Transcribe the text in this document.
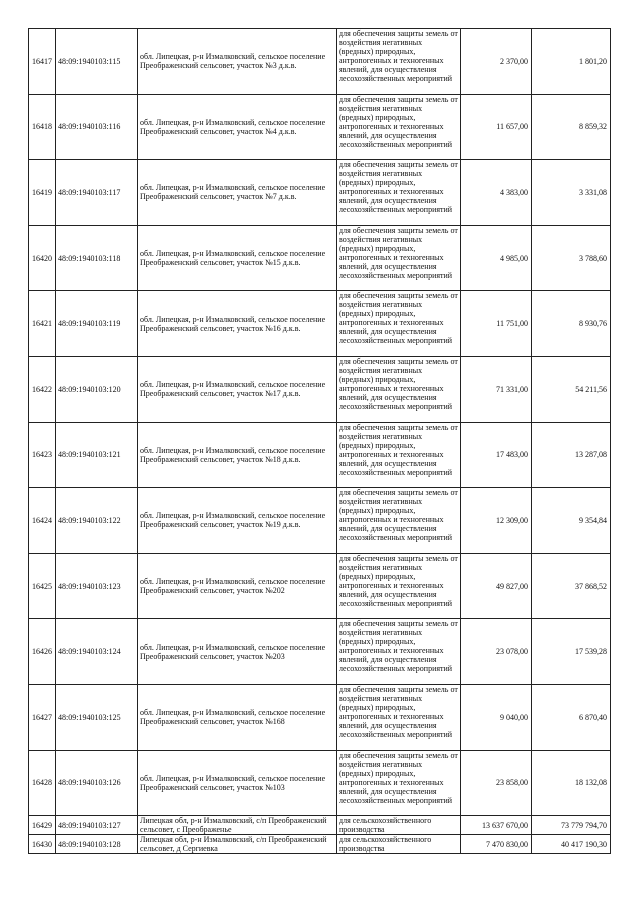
16417	48:09:1940103:115	обл. Липецкая, р-н Измалковский, сельское поселение Преображенский сельсовет, участок №3 д.к.в.	для обеспечения защиты земель от воздействия негативных (вредных) природных, антропогенных и техногенных явлений, для осуществления лесохозяйственных мероприятий	2 370,00	1 801,20
16418	48:09:1940103:116	обл. Липецкая, р-н Измалковский, сельское поселение Преображенский сельсовет, участок №4 д.к.в.	для обеспечения защиты земель от воздействия негативных (вредных) природных, антропогенных и техногенных явлений, для осуществления лесохозяйственных мероприятий	11 657,00	8 859,32
16419	48:09:1940103:117	обл. Липецкая, р-н Измалковский, сельское поселение Преображенский сельсовет, участок №7 д.к.в.	для обеспечения защиты земель от воздействия негативных (вредных) природных, антропогенных и техногенных явлений, для осуществления лесохозяйственных мероприятий	4 383,00	3 331,08
16420	48:09:1940103:118	обл. Липецкая, р-н Измалковский, сельское поселение Преображенский сельсовет, участок №15 д.к.в.	для обеспечения защиты земель от воздействия негативных (вредных) природных, антропогенных и техногенных явлений, для осуществления лесохозяйственных мероприятий	4 985,00	3 788,60
16421	48:09:1940103:119	обл. Липецкая, р-н Измалковский, сельское поселение Преображенский сельсовет, участок №16 д.к.в.	для обеспечения защиты земель от воздействия негативных (вредных) природных, антропогенных и техногенных явлений, для осуществления лесохозяйственных мероприятий	11 751,00	8 930,76
16422	48:09:1940103:120	обл. Липецкая, р-н Измалковский, сельское поселение Преображенский сельсовет, участок №17 д.к.в.	для обеспечения защиты земель от воздействия негативных (вредных) природных, антропогенных и техногенных явлений, для осуществления лесохозяйственных мероприятий	71 331,00	54 211,56
16423	48:09:1940103:121	обл. Липецкая, р-н Измалковский, сельское поселение Преображенский сельсовет, участок №18 д.к.в.	для обеспечения защиты земель от воздействия негативных (вредных) природных, антропогенных и техногенных явлений, для осуществления лесохозяйственных мероприятий	17 483,00	13 287,08
16424	48:09:1940103:122	обл. Липецкая, р-н Измалковский, сельское поселение Преображенский сельсовет, участок №19 д.к.в.	для обеспечения защиты земель от воздействия негативных (вредных) природных, антропогенных и техногенных явлений, для осуществления лесохозяйственных мероприятий	12 309,00	9 354,84
16425	48:09:1940103:123	обл. Липецкая, р-н Измалковский, сельское поселение Преображенский сельсовет, участок №202	для обеспечения защиты земель от воздействия негативных (вредных) природных, антропогенных и техногенных явлений, для осуществления лесохозяйственных мероприятий	49 827,00	37 868,52
16426	48:09:1940103:124	обл. Липецкая, р-н Измалковский, сельское поселение Преображенский сельсовет, участок №203	для обеспечения защиты земель от воздействия негативных (вредных) природных, антропогенных и техногенных явлений, для осуществления лесохозяйственных мероприятий	23 078,00	17 539,28
16427	48:09:1940103:125	обл. Липецкая, р-н Измалковский, сельское поселение Преображенский сельсовет, участок №168	для обеспечения защиты земель от воздействия негативных (вредных) природных, антропогенных и техногенных явлений, для осуществления лесохозяйственных мероприятий	9 040,00	6 870,40
16428	48:09:1940103:126	обл. Липецкая, р-н Измалковский, сельское поселение Преображенский сельсовет, участок №103	для обеспечения защиты земель от воздействия негативных (вредных) природных, антропогенных и техногенных явлений, для осуществления лесохозяйственных мероприятий	23 858,00	18 132,08
16429	48:09:1940103:127	Липецкая обл, р-н Измалковский, с/п Преображенский сельсовет, с Преображенье	для сельскохозяйственного производства	13 637 670,00	73 779 794,70
16430	48:09:1940103:128	Липецкая обл, р-н Измалковский, с/п Преображенский сельсовет, д Сергиевка	для сельскохозяйственного производства	7 470 830,00	40 417 190,30
